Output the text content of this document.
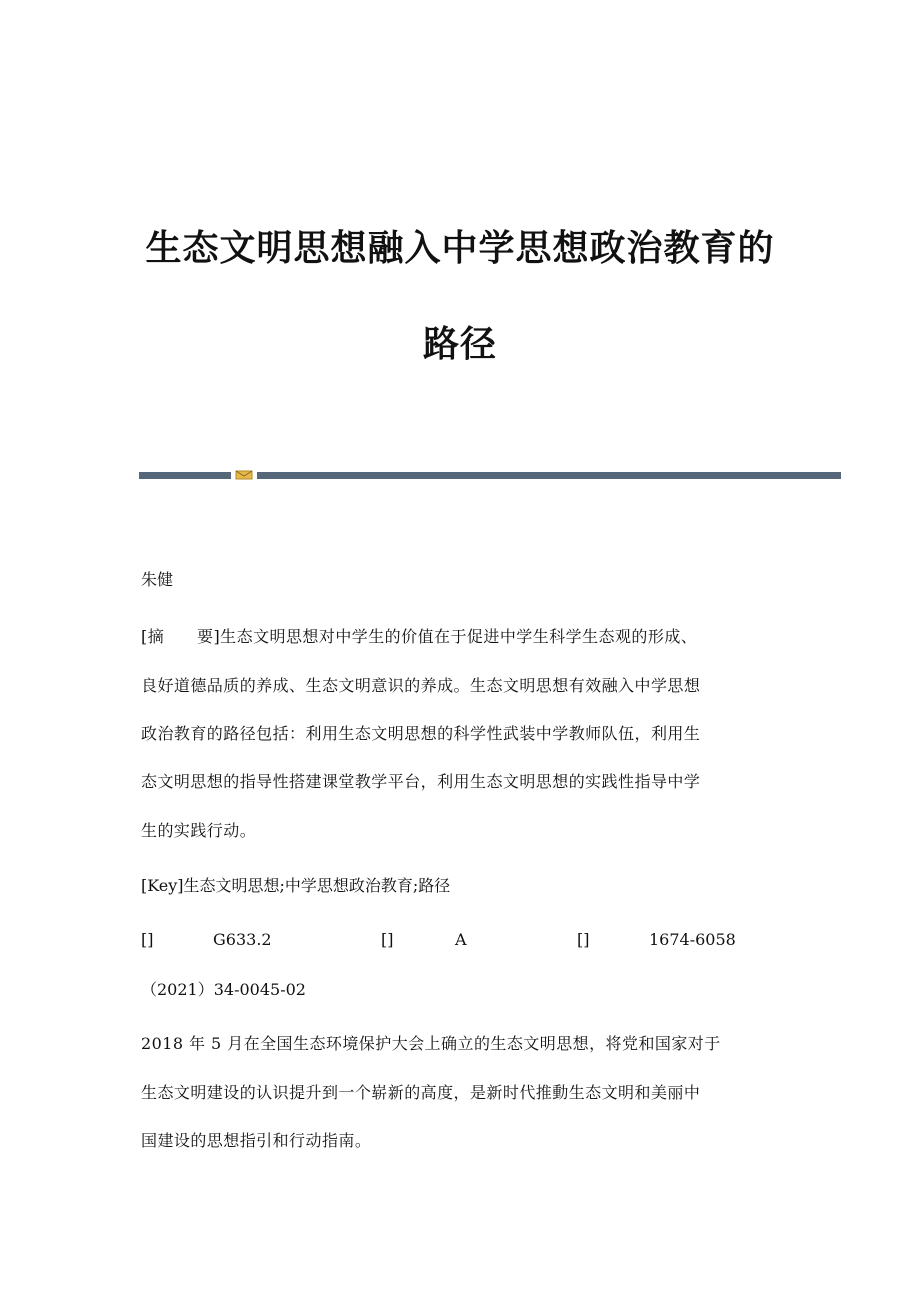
生态文明思想融入中学思想政治教育的
路径
朱健
[摘　　要]生态文明思想对中学生的价值在于促进中学生科学生态观的形成、
良好道德品质的养成、生态文明意识的养成。生态文明思想有效融入中学思想
政治教育的路径包括：利用生态文明思想的科学性武装中学教师队伍，利用生
态文明思想的指导性搭建课堂教学平台，利用生态文明思想的实践性指导中学
生的实践行动。
[Key]生态文明思想;中学思想政治教育;路径
[]	G633.2	[]	A	[]	1674-6058
（2021）34-0045-02
2018 年 5 月在全国生态环境保护大会上确立的生态文明思想，将党和国家对于
生态文明建设的认识提升到一个崭新的高度，是新时代推動生态文明和美丽中
国建设的思想指引和行动指南。
